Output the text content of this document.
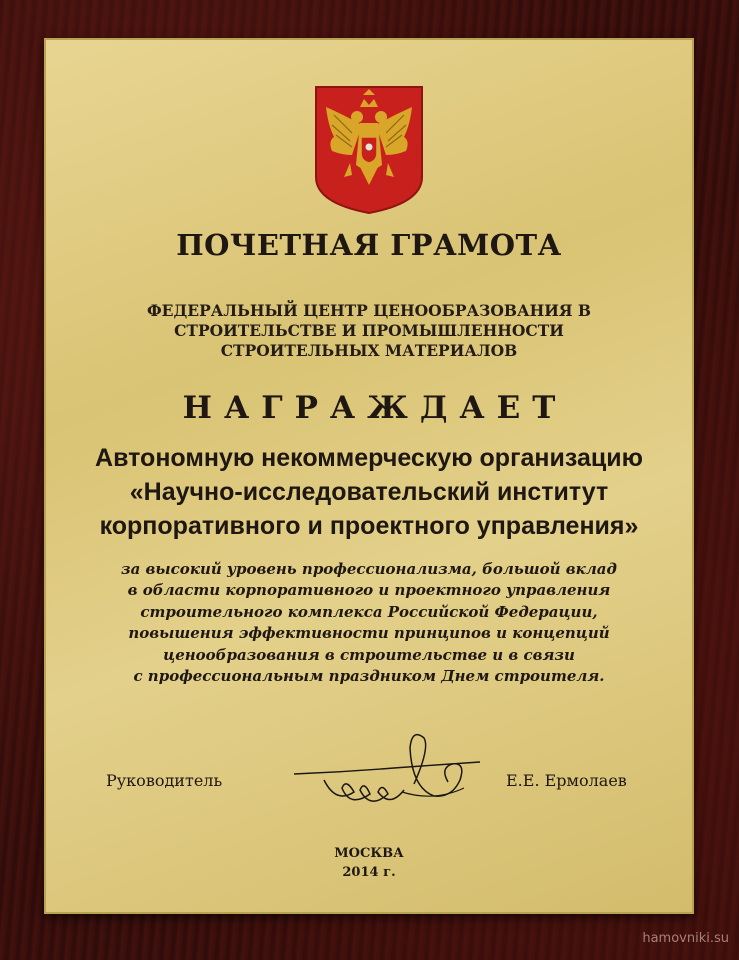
ПОЧЕТНАЯ ГРАМОТА
ФЕДЕРАЛЬНЫЙ ЦЕНТР ЦЕНООБРАЗОВАНИЯ В
СТРОИТЕЛЬСТВЕ И ПРОМЫШЛЕННОСТИ
СТРОИТЕЛЬНЫХ МАТЕРИАЛОВ
НАГРАЖДАЕТ
Автономную некоммерческую организацию
«Научно-исследовательский институт
корпоративного и проектного управления»
за высокий уровень профессионализма, большой вклад
в области корпоративного и проектного управления
строительного комплекса Российской Федерации,
повышения эффективности принципов и концепций
ценообразования в строительстве и в связи
с профессиональным праздником Днем строителя.
Руководитель	Е.Е. Ермолаев
МОСКВА
2014 г.
hamovniki.su
